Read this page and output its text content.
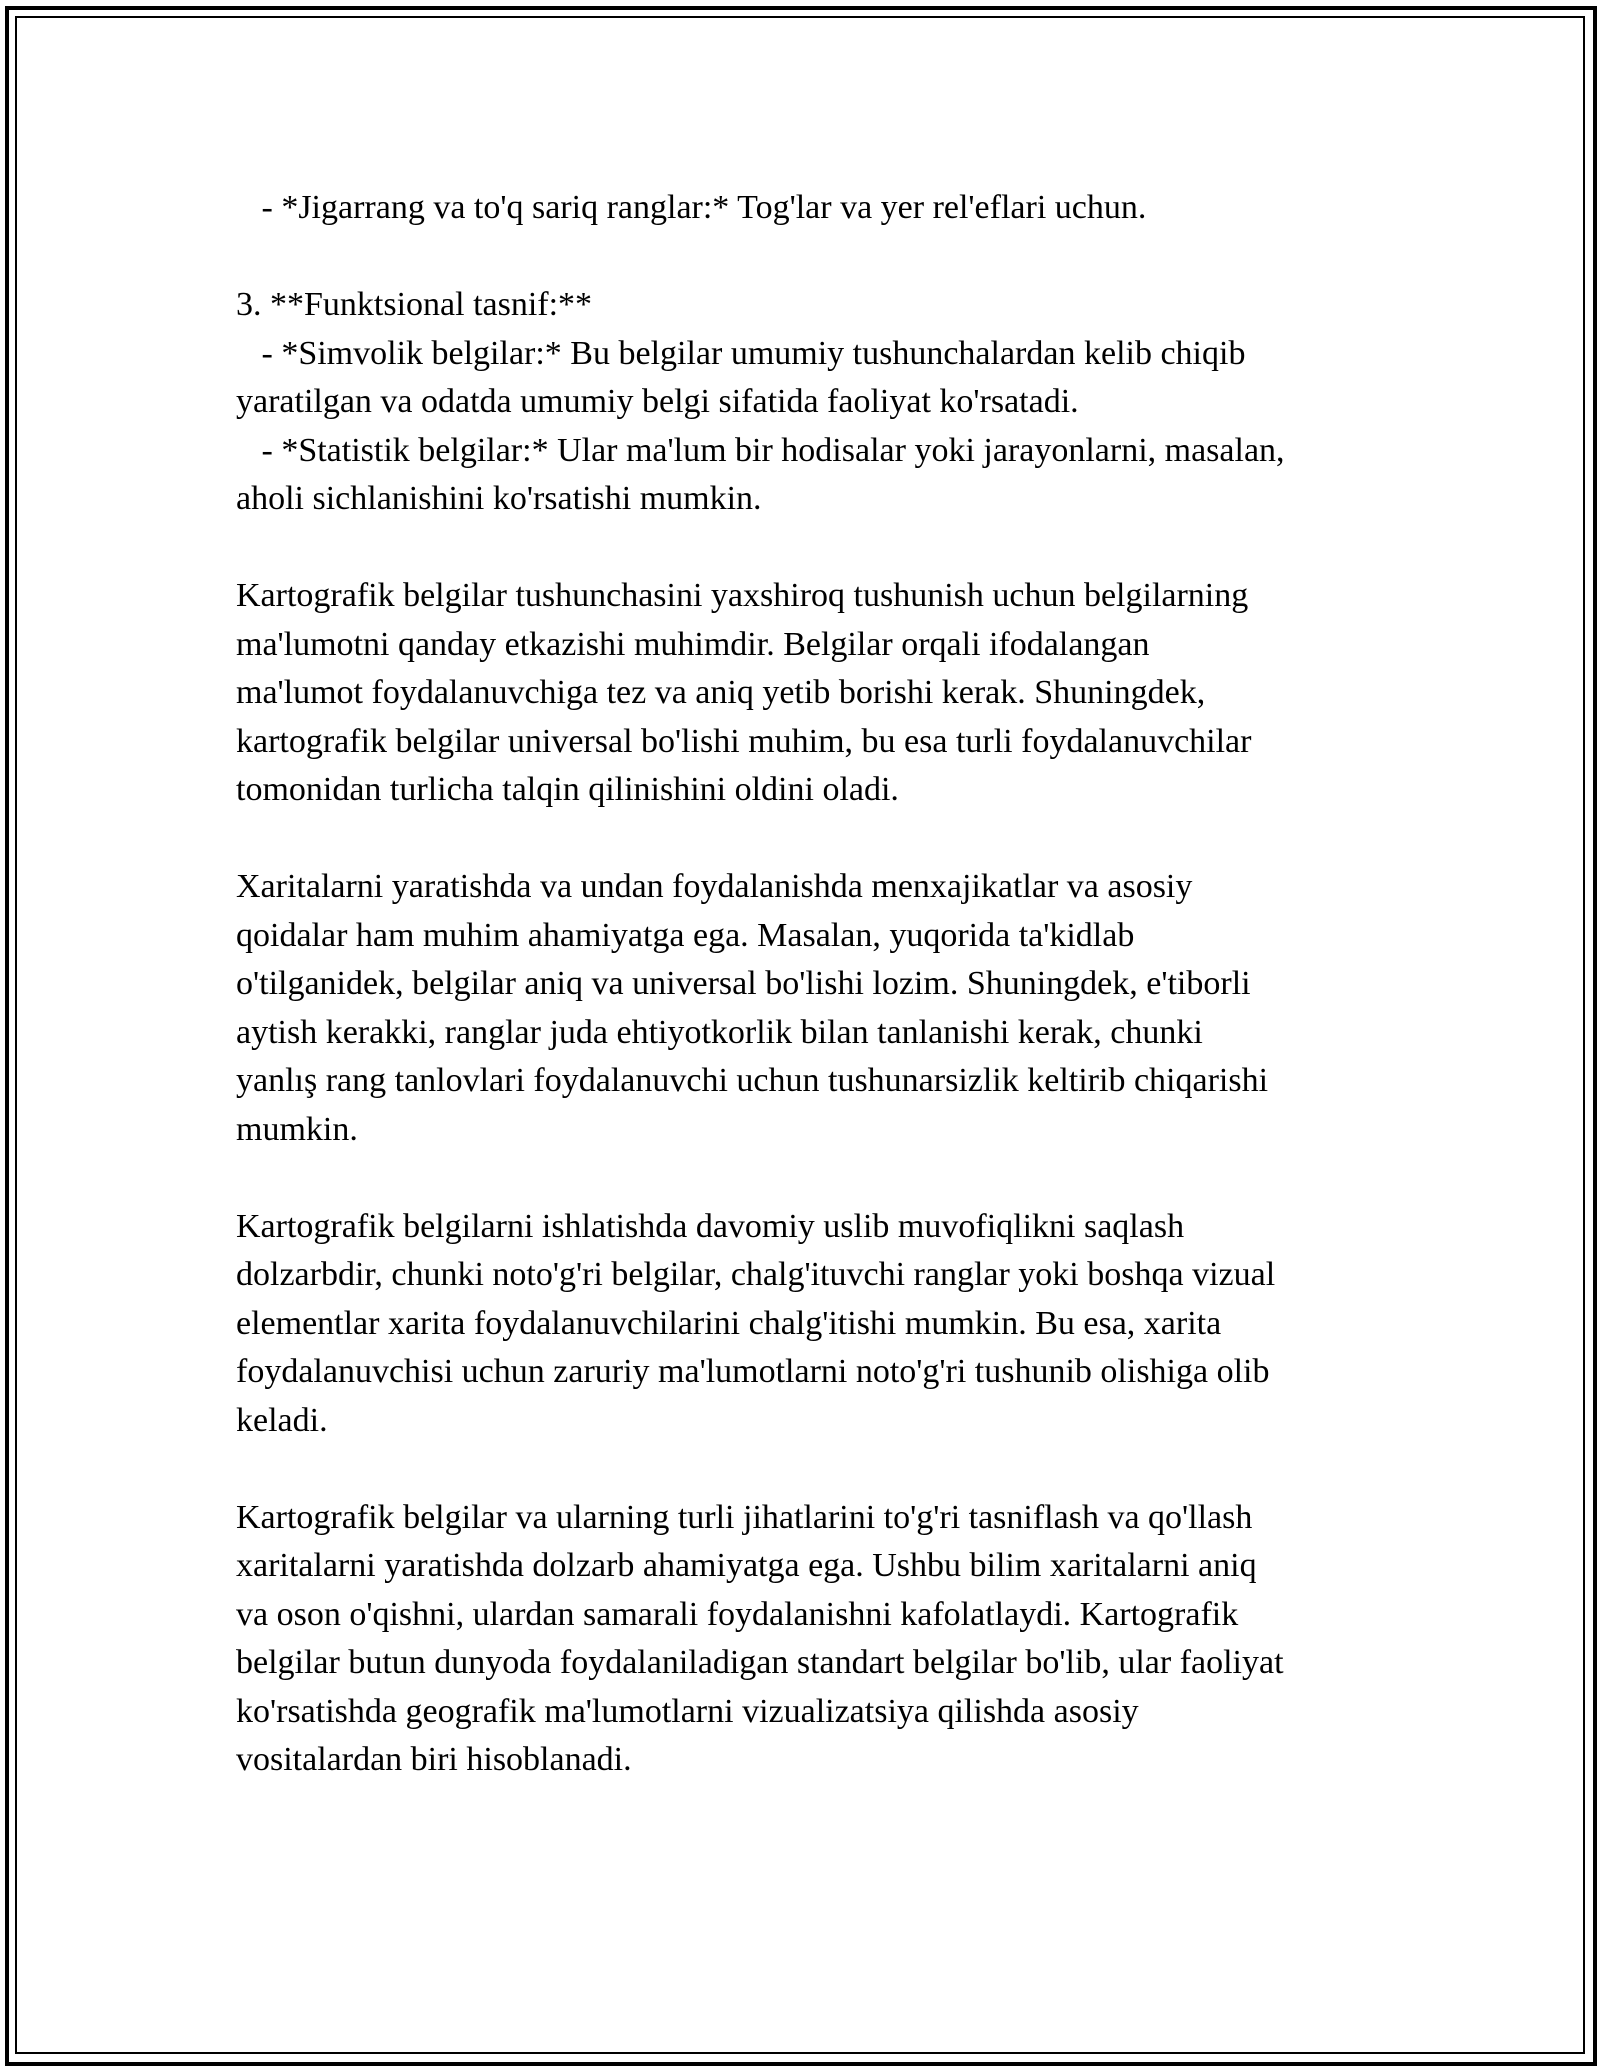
- *Jigarrang va to'q sariq ranglar:* Tog'lar va yer rel'eflari uchun.
3. **Funktsional tasnif:**
- *Simvolik belgilar:* Bu belgilar umumiy tushunchalardan kelib chiqib
yaratilgan va odatda umumiy belgi sifatida faoliyat ko'rsatadi.
- *Statistik belgilar:* Ular ma'lum bir hodisalar yoki jarayonlarni, masalan,
aholi sichlanishini ko'rsatishi mumkin.
Kartografik belgilar tushunchasini yaxshiroq tushunish uchun belgilarning
ma'lumotni qanday etkazishi muhimdir. Belgilar orqali ifodalangan
ma'lumot foydalanuvchiga tez va aniq yetib borishi kerak. Shuningdek,
kartografik belgilar universal bo'lishi muhim, bu esa turli foydalanuvchilar
tomonidan turlicha talqin qilinishini oldini oladi.
Xaritalarni yaratishda va undan foydalanishda menxajikatlar va asosiy
qoidalar ham muhim ahamiyatga ega. Masalan, yuqorida ta'kidlab
o'tilganidek, belgilar aniq va universal bo'lishi lozim. Shuningdek, e'tiborli
aytish kerakki, ranglar juda ehtiyotkorlik bilan tanlanishi kerak, chunki
yanlış rang tanlovlari foydalanuvchi uchun tushunarsizlik keltirib chiqarishi
mumkin.
Kartografik belgilarni ishlatishda davomiy uslib muvofiqlikni saqlash
dolzarbdir, chunki noto'g'ri belgilar, chalg'ituvchi ranglar yoki boshqa vizual
elementlar xarita foydalanuvchilarini chalg'itishi mumkin. Bu esa, xarita
foydalanuvchisi uchun zaruriy ma'lumotlarni noto'g'ri tushunib olishiga olib
keladi.
Kartografik belgilar va ularning turli jihatlarini to'g'ri tasniflash va qo'llash
xaritalarni yaratishda dolzarb ahamiyatga ega. Ushbu bilim xaritalarni aniq
va oson o'qishni, ulardan samarali foydalanishni kafolatlaydi. Kartografik
belgilar butun dunyoda foydalaniladigan standart belgilar bo'lib, ular faoliyat
ko'rsatishda geografik ma'lumotlarni vizualizatsiya qilishda asosiy
vositalardan biri hisoblanadi.
